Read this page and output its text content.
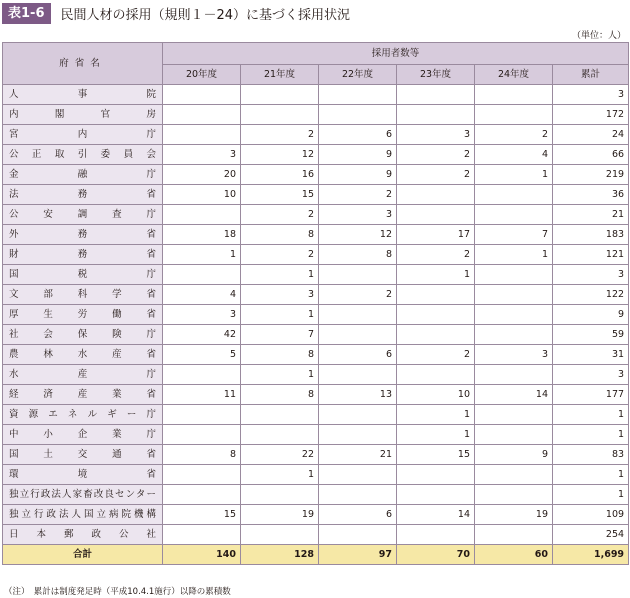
表1-6	民間人材の採用（規則１－24）に基づく採用状況
（単位：人）
府省名	採用者数等					
	20年度	21年度	22年度	23年度	24年度	累計
人事院						3
内閣官房						172
宮内庁		2	6	3	2	24
公正取引委員会	3	12	9	2	4	66
金融庁	20	16	9	2	1	219
法務省	10	15	2			36
公安調査庁		2	3			21
外務省	18	8	12	17	7	183
財務省	1	2	8	2	1	121
国税庁		1		1		3
文部科学省	4	3	2			122
厚生労働省	3	1				9
社会保険庁	42	7				59
農林水産省	5	8	6	2	3	31
水産庁		1				3
経済産業省	11	8	13	10	14	177
資源エネルギー庁				1		1
中小企業庁				1		1
国土交通省	8	22	21	15	9	83
環境省		1				1
独立行政法人家畜改良センター						1
独立行政法人国立病院機構	15	19	6	14	19	109
日本郵政公社						254
合計	140	128	97	70	60	1,699
（注）　累計は制度発足時（平成10.4.1施行）以降の累積数
